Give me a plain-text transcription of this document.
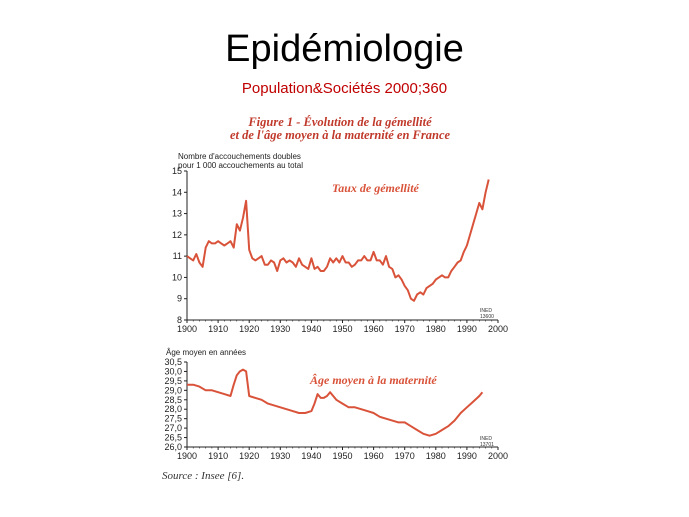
Epidémiologie
Population&Sociétés 2000;360
Figure 1 - Évolution de la gémellité
et de l'âge moyen à la maternité en France
Nombre d'accouchements doubles
pour 1 000 accouchements au total
Taux de gémellité
INED
13600
1900 1910 1920 1930 1940 1950 1960 1970 1980 1990 2000
8
9
10
11
12
13
14
15
Âge moyen en années
Âge moyen à la maternité
INED
13701
1900 1910 1920 1930 1940 1950 1960 1970 1980 1990 2000
26,0
26,5
27,0
27,5
28,0
28,5
29,0
29,5
30,0
30,5
Source : Insee [6].
